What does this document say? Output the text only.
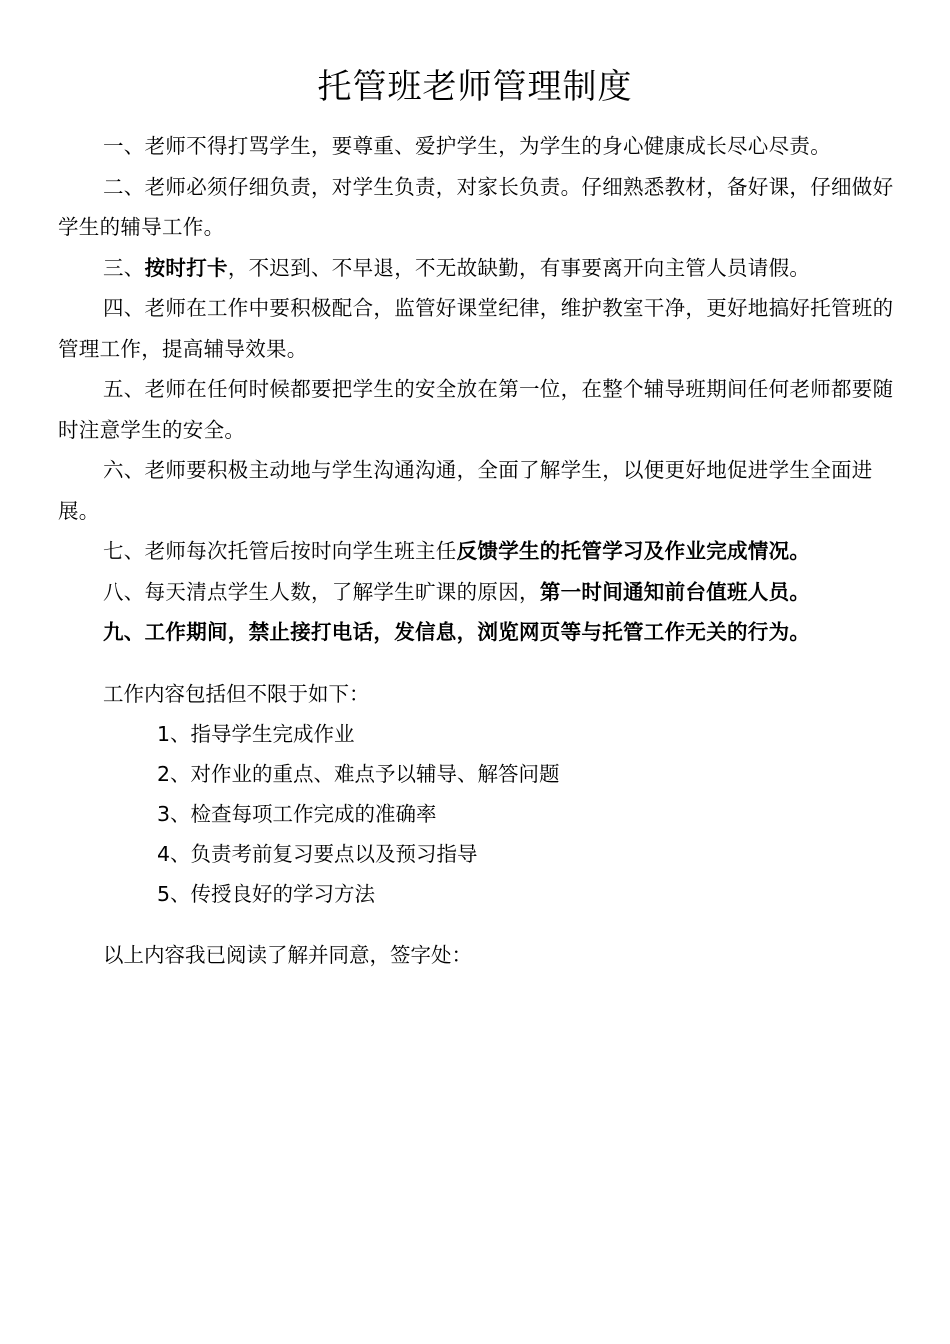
托管班老师管理制度

一、老师不得打骂学生，要尊重、爱护学生，为学生的身心健康成长尽心尽责。

二、老师必须仔细负责，对学生负责，对家长负责。仔细熟悉教材，备好课，仔细做好学生的辅导工作。

三、按时打卡，不迟到、不早退，不无故缺勤，有事要离开向主管人员请假。

四、老师在工作中要积极配合，监管好课堂纪律，维护教室干净，更好地搞好托管班的管理工作，提高辅导效果。

五、老师在任何时候都要把学生的安全放在第一位，在整个辅导班期间任何老师都要随时注意学生的安全。

六、老师要积极主动地与学生沟通沟通，全面了解学生，以便更好地促进学生全面进展。

七、老师每次托管后按时向学生班主任反馈学生的托管学习及作业完成情况。

八、每天清点学生人数，了解学生旷课的原因，第一时间通知前台值班人员。

九、工作期间，禁止接打电话，发信息，浏览网页等与托管工作无关的行为。

工作内容包括但不限于如下：

1、指导学生完成作业
2、对作业的重点、难点予以辅导、解答问题
3、检查每项工作完成的准确率
4、负责考前复习要点以及预习指导
5、传授良好的学习方法

以上内容我已阅读了解并同意，签字处：
